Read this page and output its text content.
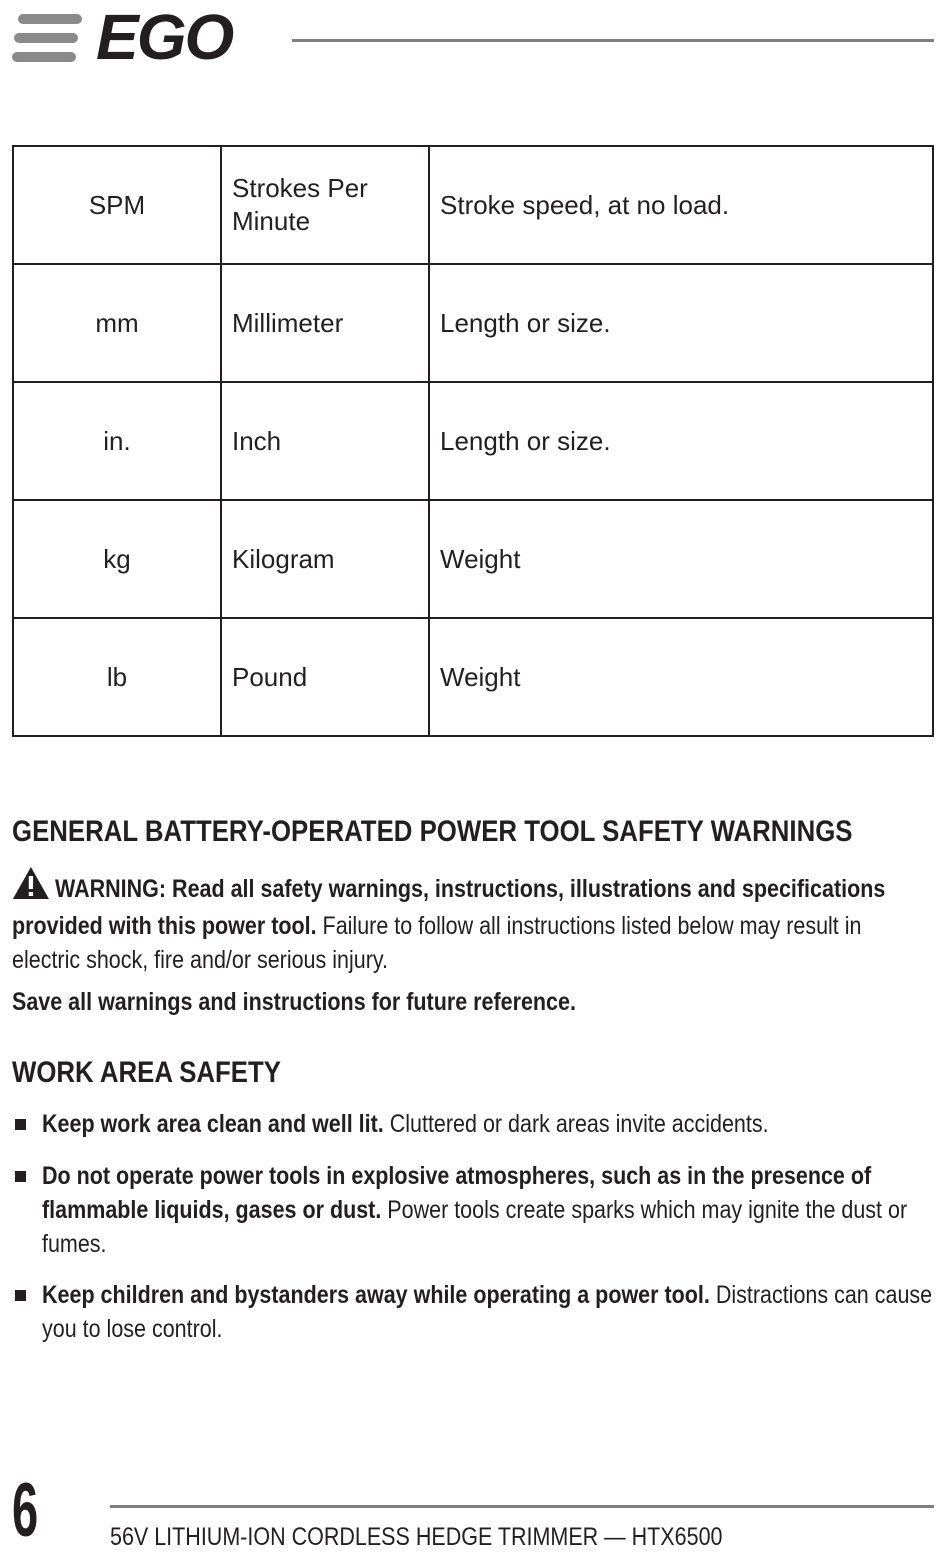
EGO
SPM	Strokes Per Minute	Stroke speed, at no load.
mm	Millimeter	Length or size.
in.	Inch	Length or size.
kg	Kilogram	Weight
lb	Pound	Weight
GENERAL BATTERY-OPERATED POWER TOOL SAFETY WARNINGS
WARNING: Read all safety warnings, instructions, illustrations and specifications provided with this power tool. Failure to follow all instructions listed below may result in electric shock, fire and/or serious injury.
Save all warnings and instructions for future reference.
WORK AREA SAFETY
Keep work area clean and well lit. Cluttered or dark areas invite accidents.
Do not operate power tools in explosive atmospheres, such as in the presence of flammable liquids, gases or dust. Power tools create sparks which may ignite the dust or fumes.
Keep children and bystanders away while operating a power tool. Distractions can cause you to lose control.
6	56V LITHIUM-ION CORDLESS HEDGE TRIMMER — HTX6500
